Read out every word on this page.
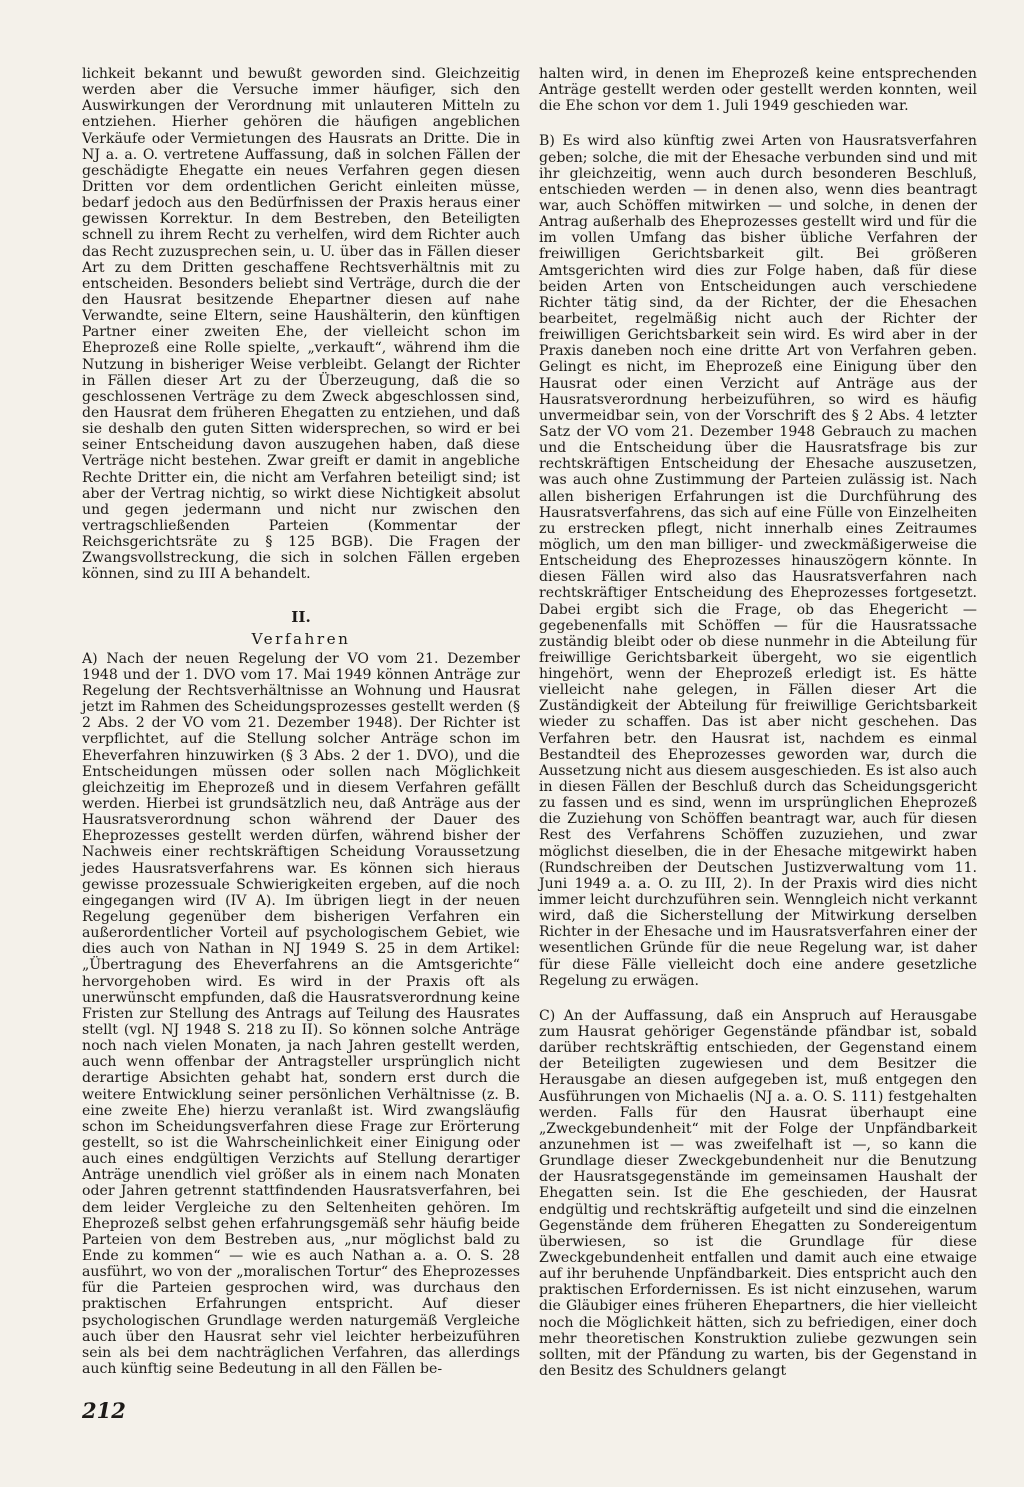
lichkeit bekannt und bewußt geworden sind. Gleichzeitig werden aber die Versuche immer häufiger, sich den Auswirkungen der Verordnung mit unlauteren Mitteln zu entziehen. Hierher gehören die häufigen angeblichen Verkäufe oder Vermietungen des Hausrats an Dritte. Die in NJ a. a. O. vertretene Auffassung, daß in solchen Fällen der geschädigte Ehegatte ein neues Verfahren gegen diesen Dritten vor dem ordentlichen Gericht einleiten müsse, bedarf jedoch aus den Bedürfnissen der Praxis heraus einer gewissen Korrektur. In dem Bestreben, den Beteiligten schnell zu ihrem Recht zu verhelfen, wird dem Richter auch das Recht zuzusprechen sein, u. U. über das in Fällen dieser Art zu dem Dritten geschaffene Rechtsverhältnis mit zu entscheiden. Besonders beliebt sind Verträge, durch die der den Hausrat besitzende Ehepartner diesen auf nahe Verwandte, seine Eltern, seine Haushälterin, den künftigen Partner einer zweiten Ehe, der vielleicht schon im Eheprozeß eine Rolle spielte, „verkauft“, während ihm die Nutzung in bisheriger Weise verbleibt. Gelangt der Richter in Fällen dieser Art zu der Überzeugung, daß die so geschlossenen Verträge zu dem Zweck abgeschlossen sind, den Hausrat dem früheren Ehegatten zu entziehen, und daß sie deshalb den guten Sitten widersprechen, so wird er bei seiner Entscheidung davon auszugehen haben, daß diese Verträge nicht bestehen. Zwar greift er damit in angebliche Rechte Dritter ein, die nicht am Verfahren beteiligt sind; ist aber der Vertrag nichtig, so wirkt diese Nichtigkeit absolut und gegen jedermann und nicht nur zwischen den vertragschließenden Parteien (Kommentar der Reichsgerichtsräte zu § 125 BGB). Die Fragen der Zwangsvollstreckung, die sich in solchen Fällen ergeben können, sind zu III A behandelt.

II.
Verfahren

A) Nach der neuen Regelung der VO vom 21. Dezember 1948 und der 1. DVO vom 17. Mai 1949 können Anträge zur Regelung der Rechtsverhältnisse an Wohnung und Hausrat jetzt im Rahmen des Scheidungsprozesses gestellt werden (§ 2 Abs. 2 der VO vom 21. Dezember 1948). Der Richter ist verpflichtet, auf die Stellung solcher Anträge schon im Eheverfahren hinzuwirken (§ 3 Abs. 2 der 1. DVO), und die Entscheidungen müssen oder sollen nach Möglichkeit gleichzeitig im Eheprozeß und in diesem Verfahren gefällt werden. Hierbei ist grundsätzlich neu, daß Anträge aus der Hausratsverordnung schon während der Dauer des Eheprozesses gestellt werden dürfen, während bisher der Nachweis einer rechtskräftigen Scheidung Voraussetzung jedes Hausratsverfahrens war. Es können sich hieraus gewisse prozessuale Schwierigkeiten ergeben, auf die noch eingegangen wird (IV A). Im übrigen liegt in der neuen Regelung gegenüber dem bisherigen Verfahren ein außerordentlicher Vorteil auf psychologischem Gebiet, wie dies auch von Nathan in NJ 1949 S. 25 in dem Artikel: „Übertragung des Eheverfahrens an die Amtsgerichte“ hervorgehoben wird. Es wird in der Praxis oft als unerwünscht empfunden, daß die Hausratsverordnung keine Fristen zur Stellung des Antrags auf Teilung des Hausrates stellt (vgl. NJ 1948 S. 218 zu II). So können solche Anträge noch nach vielen Monaten, ja nach Jahren gestellt werden, auch wenn offenbar der Antragsteller ursprünglich nicht derartige Absichten gehabt hat, sondern erst durch die weitere Entwicklung seiner persönlichen Verhältnisse (z. B. eine zweite Ehe) hierzu veranlaßt ist. Wird zwangsläufig schon im Scheidungsverfahren diese Frage zur Erörterung gestellt, so ist die Wahrscheinlichkeit einer Einigung oder auch eines endgültigen Verzichts auf Stellung derartiger Anträge unendlich viel größer als in einem nach Monaten oder Jahren getrennt stattfindenden Hausratsverfahren, bei dem leider Vergleiche zu den Seltenheiten gehören. Im Eheprozeß selbst gehen erfahrungsgemäß sehr häufig beide Parteien von dem Bestreben aus, „nur möglichst bald zu Ende zu kommen“ — wie es auch Nathan a. a. O. S. 28 ausführt, wo von der „moralischen Tortur“ des Eheprozesses für die Parteien gesprochen wird, was durchaus den praktischen Erfahrungen entspricht. Auf dieser psychologischen Grundlage werden naturgemäß Vergleiche auch über den Hausrat sehr viel leichter herbeizuführen sein als bei dem nachträglichen Verfahren, das allerdings auch künftig seine Bedeutung in all den Fällen be-

halten wird, in denen im Eheprozeß keine entsprechenden Anträge gestellt werden oder gestellt werden konnten, weil die Ehe schon vor dem 1. Juli 1949 geschieden war.

B) Es wird also künftig zwei Arten von Hausratsverfahren geben; solche, die mit der Ehesache verbunden sind und mit ihr gleichzeitig, wenn auch durch besonderen Beschluß, entschieden werden — in denen also, wenn dies beantragt war, auch Schöffen mitwirken — und solche, in denen der Antrag außerhalb des Eheprozesses gestellt wird und für die im vollen Umfang das bisher übliche Verfahren der freiwilligen Gerichtsbarkeit gilt. Bei größeren Amtsgerichten wird dies zur Folge haben, daß für diese beiden Arten von Entscheidungen auch verschiedene Richter tätig sind, da der Richter, der die Ehesachen bearbeitet, regelmäßig nicht auch der Richter der freiwilligen Gerichtsbarkeit sein wird. Es wird aber in der Praxis daneben noch eine dritte Art von Verfahren geben. Gelingt es nicht, im Eheprozeß eine Einigung über den Hausrat oder einen Verzicht auf Anträge aus der Hausratsverordnung herbeizuführen, so wird es häufig unvermeidbar sein, von der Vorschrift des § 2 Abs. 4 letzter Satz der VO vom 21. Dezember 1948 Gebrauch zu machen und die Entscheidung über die Hausratsfrage bis zur rechtskräftigen Entscheidung der Ehesache auszusetzen, was auch ohne Zustimmung der Parteien zulässig ist. Nach allen bisherigen Erfahrungen ist die Durchführung des Hausratsverfahrens, das sich auf eine Fülle von Einzelheiten zu erstrecken pflegt, nicht innerhalb eines Zeitraumes möglich, um den man billiger- und zweckmäßigerweise die Entscheidung des Eheprozesses hinauszögern könnte. In diesen Fällen wird also das Hausratsverfahren nach rechtskräftiger Entscheidung des Eheprozesses fortgesetzt. Dabei ergibt sich die Frage, ob das Ehegericht — gegebenenfalls mit Schöffen — für die Hausratssache zuständig bleibt oder ob diese nunmehr in die Abteilung für freiwillige Gerichtsbarkeit übergeht, wo sie eigentlich hingehört, wenn der Eheprozeß erledigt ist. Es hätte vielleicht nahe gelegen, in Fällen dieser Art die Zuständigkeit der Abteilung für freiwillige Gerichtsbarkeit wieder zu schaffen. Das ist aber nicht geschehen. Das Verfahren betr. den Hausrat ist, nachdem es einmal Bestandteil des Eheprozesses geworden war, durch die Aussetzung nicht aus diesem ausgeschieden. Es ist also auch in diesen Fällen der Beschluß durch das Scheidungsgericht zu fassen und es sind, wenn im ursprünglichen Eheprozeß die Zuziehung von Schöffen beantragt war, auch für diesen Rest des Verfahrens Schöffen zuzuziehen, und zwar möglichst dieselben, die in der Ehesache mitgewirkt haben (Rundschreiben der Deutschen Justizverwaltung vom 11. Juni 1949 a. a. O. zu III, 2). In der Praxis wird dies nicht immer leicht durchzuführen sein. Wenngleich nicht verkannt wird, daß die Sicherstellung der Mitwirkung derselben Richter in der Ehesache und im Hausratsverfahren einer der wesentlichen Gründe für die neue Regelung war, ist daher für diese Fälle vielleicht doch eine andere gesetzliche Regelung zu erwägen.

C) An der Auffassung, daß ein Anspruch auf Herausgabe zum Hausrat gehöriger Gegenstände pfändbar ist, sobald darüber rechtskräftig entschieden, der Gegenstand einem der Beteiligten zugewiesen und dem Besitzer die Herausgabe an diesen aufgegeben ist, muß entgegen den Ausführungen von Michaelis (NJ a. a. O. S. 111) festgehalten werden. Falls für den Hausrat überhaupt eine „Zweckgebundenheit“ mit der Folge der Unpfändbarkeit anzunehmen ist — was zweifelhaft ist —, so kann die Grundlage dieser Zweckgebundenheit nur die Benutzung der Hausratsgegenstände im gemeinsamen Haushalt der Ehegatten sein. Ist die Ehe geschieden, der Hausrat endgültig und rechtskräftig aufgeteilt und sind die einzelnen Gegenstände dem früheren Ehegatten zu Sondereigentum überwiesen, so ist die Grundlage für diese Zweckgebundenheit entfallen und damit auch eine etwaige auf ihr beruhende Unpfändbarkeit. Dies entspricht auch den praktischen Erfordernissen. Es ist nicht einzusehen, warum die Gläubiger eines früheren Ehepartners, die hier vielleicht noch die Möglichkeit hätten, sich zu befriedigen, einer doch mehr theoretischen Konstruktion zuliebe gezwungen sein sollten, mit der Pfändung zu warten, bis der Gegenstand in den Besitz des Schuldners gelangt

212
